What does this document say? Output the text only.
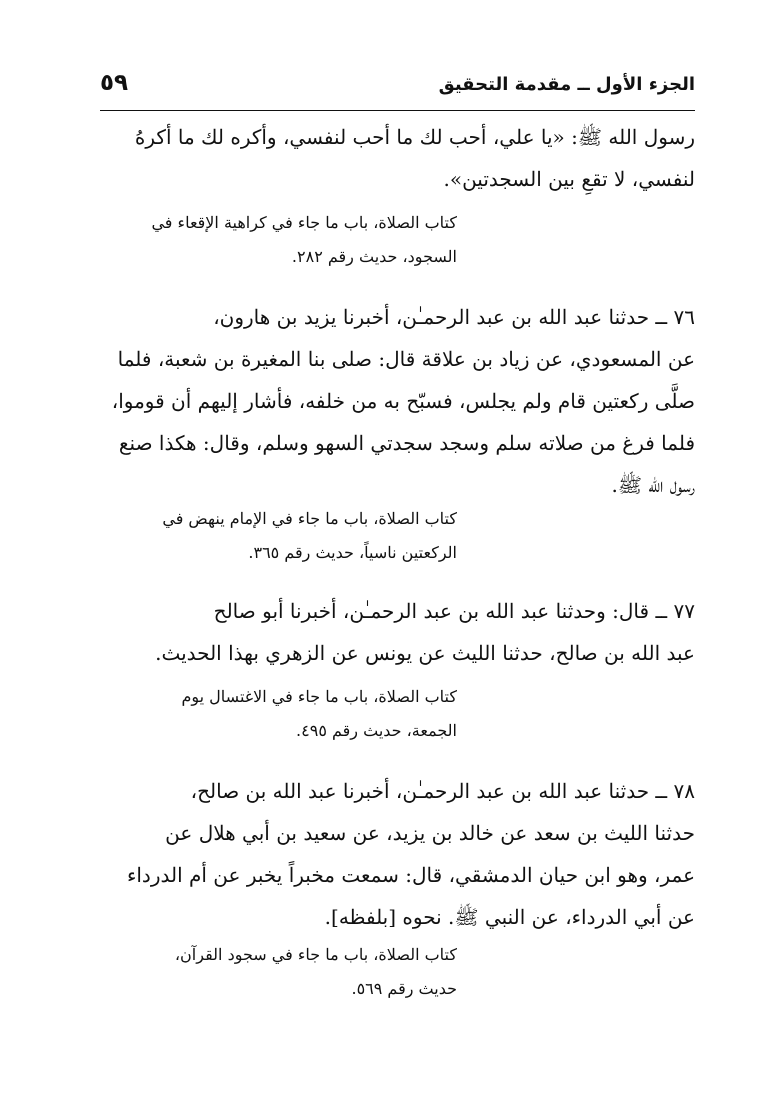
الجزء الأول ــ مقدمة التحقيق
٥٩
رسول الله ﷺ: «يا علي، أحب لك ما أحب لنفسي، وأكره لك ما أكرهُ
لنفسي، لا تقعِ بين السجدتين».
كتاب الصلاة، باب ما جاء في كراهية الإقعاء في
السجود، حديث رقم ٢٨٢.
٧٦ ــ حدثنا عبد الله بن عبد الرحمـٰن، أخبرنا يزيد بن هارون،
عن المسعودي، عن زياد بن علاقة قال: صلى بنا المغيرة بن شعبة، فلما
صلَّى ركعتين قام ولم يجلس، فسبّح به من خلفه، فأشار إليهم أن قوموا،
فلما فرغ من صلاته سلم وسجد سجدتي السهو وسلم، وقال: هكذا صنع
رسول الله ﷺ.
كتاب الصلاة، باب ما جاء في الإمام ينهض في
الركعتين ناسياً، حديث رقم ٣٦٥.
٧٧ ــ قال: وحدثنا عبد الله بن عبد الرحمـٰن، أخبرنا أبو صالح
عبد الله بن صالح، حدثنا الليث عن يونس عن الزهري بهذا الحديث.
كتاب الصلاة، باب ما جاء في الاغتسال يوم
الجمعة، حديث رقم ٤٩٥.
٧٨ ــ حدثنا عبد الله بن عبد الرحمـٰن، أخبرنا عبد الله بن صالح،
حدثنا الليث بن سعد عن خالد بن يزيد، عن سعيد بن أبي هلال عن
عمر، وهو ابن حيان الدمشقي، قال: سمعت مخبراً يخبر عن أم الدرداء
عن أبي الدرداء، عن النبي ﷺ. نحوه [بلفظه].
كتاب الصلاة، باب ما جاء في سجود القرآن،
حديث رقم ٥٦٩.
